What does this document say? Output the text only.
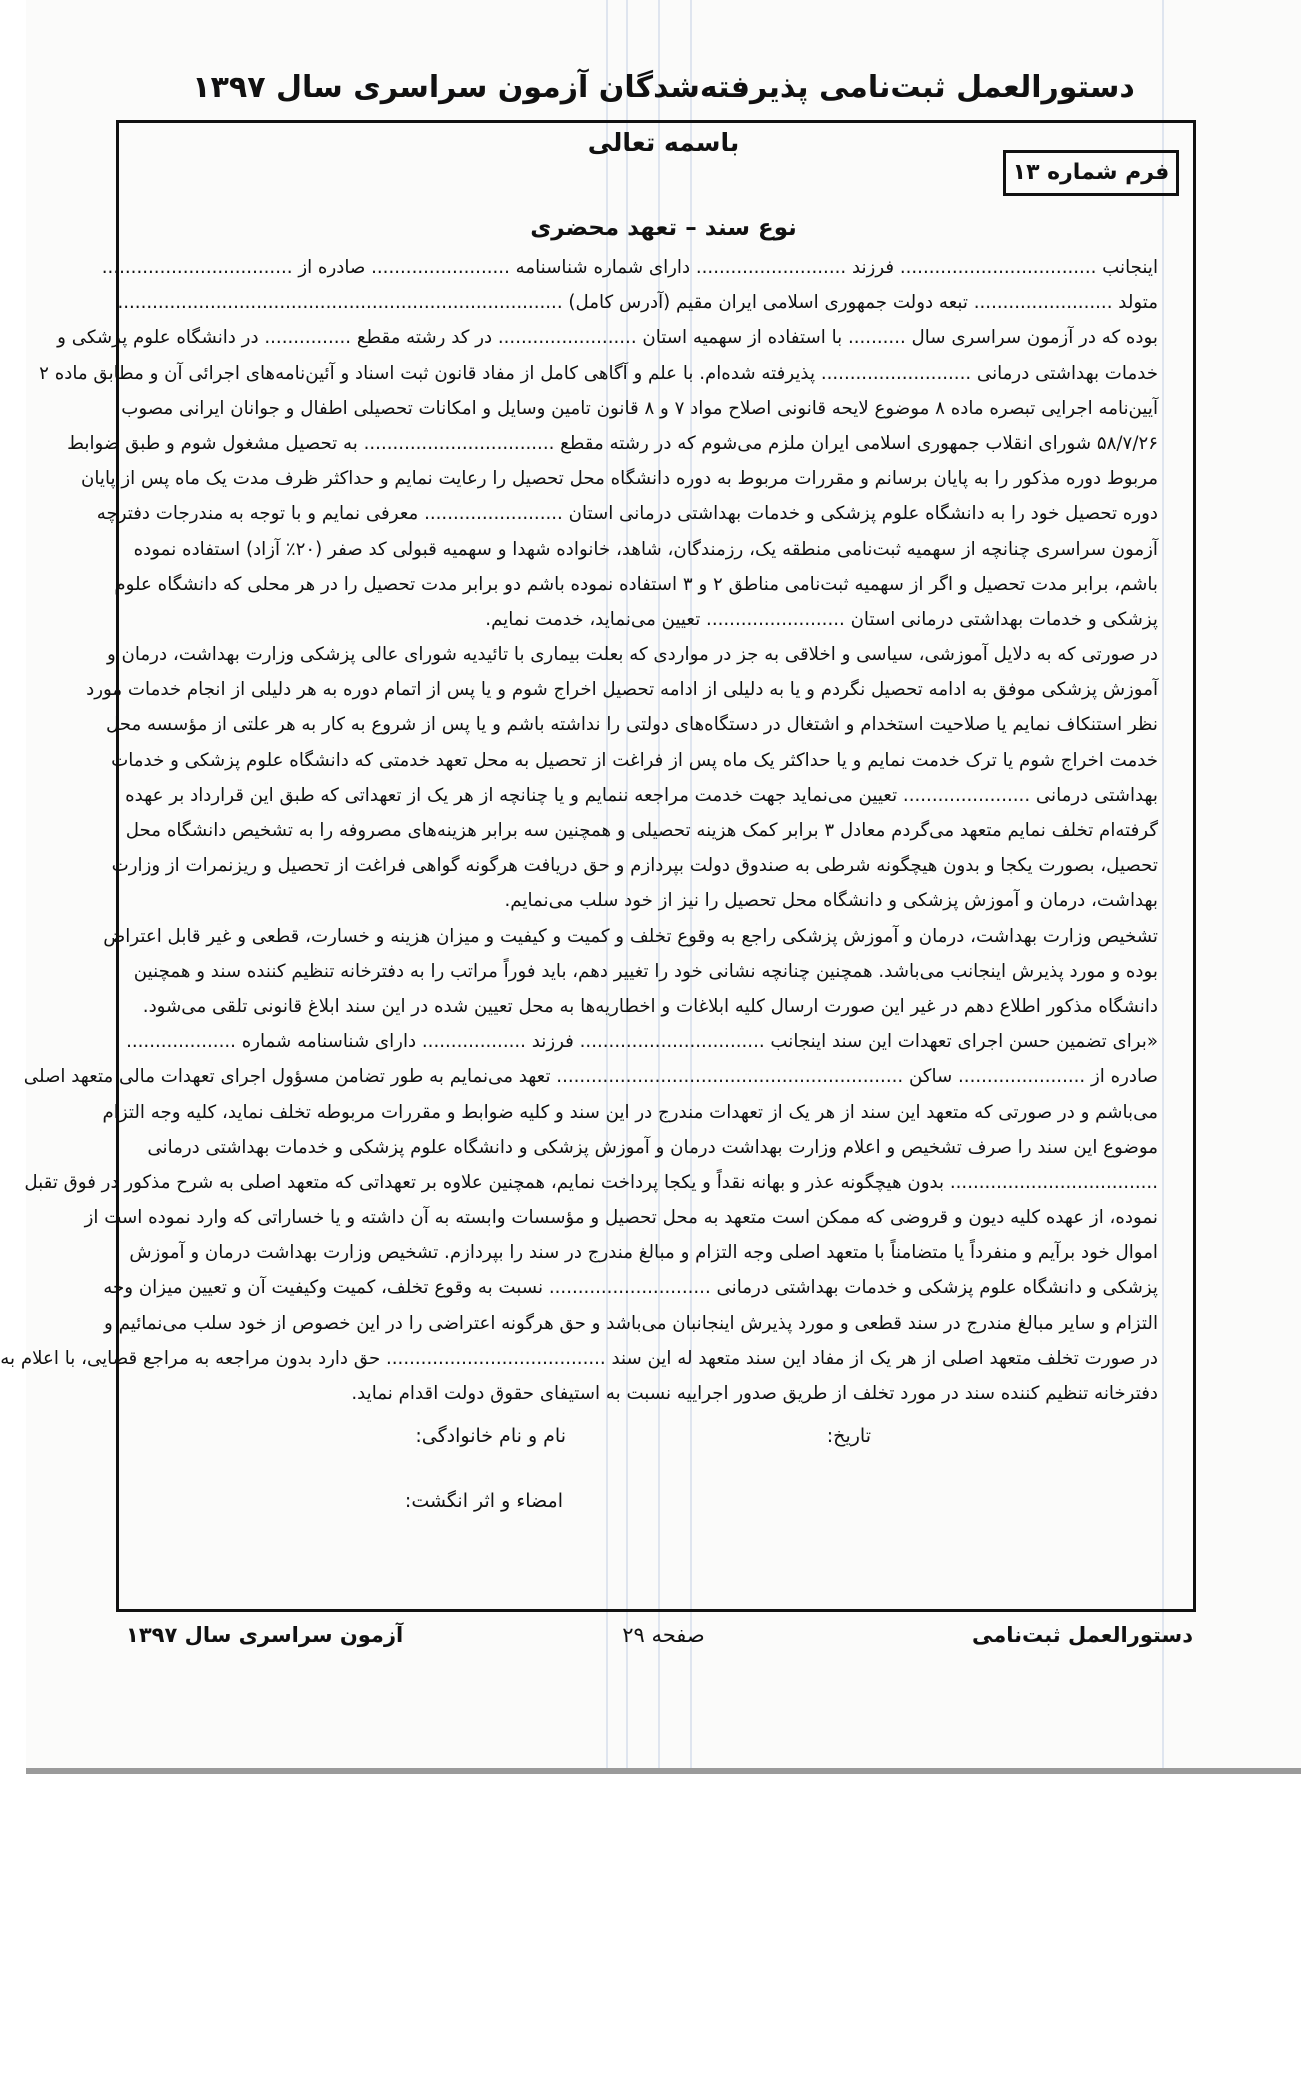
دستورالعمل ثبت‌نامی پذیرفته‌شدگان آزمون سراسری سال ۱۳۹۷
باسمه تعالی
فرم شماره ۱۳
نوع سند – تعهد محضری
اینجانب .................................. فرزند .......................... دارای شماره شناسنامه ........................ صادره از .................................
متولد ........................ تبعه دولت جمهوری اسلامی ایران مقیم (آدرس کامل) .............................................................................
بوده که در آزمون سراسری سال .......... با استفاده از سهمیه استان ........................ در کد رشته مقطع ............... در دانشگاه علوم پزشکی و
خدمات بهداشتی درمانی .......................... پذیرفته شده‌ام. با علم و آگاهی کامل از مفاد قانون ثبت اسناد و آئین‌نامه‌های اجرائی آن و مطابق ماده ۲
آیین‌نامه اجرایی تبصره ماده ۸ موضوع لایحه قانونی اصلاح مواد ۷ و ۸ قانون تامین وسایل و امکانات تحصیلی اطفال و جوانان ایرانی مصوب
۵۸/۷/۲۶ شورای انقلاب جمهوری اسلامی ایران ملزم می‌شوم که در رشته مقطع ................................. به تحصیل مشغول شوم و طبق ضوابط
مربوط دوره مذکور را به پایان برسانم و مقررات مربوط به دوره دانشگاه محل تحصیل را رعایت نمایم و حداکثر ظرف مدت یک ماه پس از پایان
دوره تحصیل خود را به دانشگاه علوم پزشکی و خدمات بهداشتی درمانی استان ........................ معرفی نمایم و با توجه به مندرجات دفترچه
آزمون سراسری چنانچه از سهمیه ثبت‌نامی منطقه یک، رزمندگان، شاهد، خانواده شهدا و سهمیه قبولی کد صفر (۲۰٪ آزاد) استفاده نموده
باشم، برابر مدت تحصیل و اگر از سهمیه ثبت‌نامی مناطق ۲ و ۳ استفاده نموده باشم دو برابر مدت تحصیل را در هر محلی که دانشگاه علوم
پزشکی و خدمات بهداشتی درمانی استان ........................ تعیین می‌نماید، خدمت نمایم.
در صورتی که به دلایل آموزشی، سیاسی و اخلاقی به جز در مواردی که بعلت بیماری با تائیدیه شورای عالی پزشکی وزارت بهداشت، درمان و
آموزش پزشکی موفق به ادامه تحصیل نگردم و یا به دلیلی از ادامه تحصیل اخراج شوم و یا پس از اتمام دوره به هر دلیلی از انجام خدمات مورد
نظر استنکاف نمایم یا صلاحیت استخدام و اشتغال در دستگاه‌های دولتی را نداشته باشم و یا پس از شروع به کار به هر علتی از مؤسسه محل
خدمت اخراج شوم یا ترک خدمت نمایم و یا حداکثر یک ماه پس از فراغت از تحصیل به محل تعهد خدمتی که دانشگاه علوم پزشکی و خدمات
بهداشتی درمانی ...................... تعیین می‌نماید جهت خدمت مراجعه ننمایم و یا چنانچه از هر یک از تعهداتی که طبق این قرارداد بر عهده
گرفته‌ام تخلف نمایم متعهد می‌گردم معادل ۳ برابر کمک هزینه تحصیلی و همچنین سه برابر هزینه‌های مصروفه را به تشخیص دانشگاه محل
تحصیل، بصورت یکجا و بدون هیچگونه شرطی به صندوق دولت بپردازم و حق دریافت هرگونه گواهی فراغت از تحصیل و ریزنمرات از وزارت
بهداشت، درمان و آموزش پزشکی و دانشگاه محل تحصیل را نیز از خود سلب می‌نمایم.
تشخیص وزارت بهداشت، درمان و آموزش پزشکی راجع به وقوع تخلف و کمیت و کیفیت و میزان هزینه و خسارت، قطعی و غیر قابل اعتراض
بوده و مورد پذیرش اینجانب می‌باشد. همچنین چنانچه نشانی خود را تغییر دهم، باید فوراً مراتب را به دفترخانه تنظیم کننده سند و همچنین
دانشگاه مذکور اطلاع دهم در غیر این صورت ارسال کلیه ابلاغات و اخطاریه‌ها به محل تعیین شده در این سند ابلاغ قانونی تلقی می‌شود.
«برای تضمین حسن اجرای تعهدات این سند اینجانب ................................ فرزند .................. دارای شناسنامه شماره ...................
صادره از ...................... ساکن ............................................................ تعهد می‌نمایم به طور تضامن مسؤول اجرای تعهدات مالی متعهد اصلی
می‌باشم و در صورتی که متعهد این سند از هر یک از تعهدات مندرج در این سند و کلیه ضوابط و مقررات مربوطه تخلف نماید، کلیه وجه التزام
موضوع این سند را صرف تشخیص و اعلام وزارت بهداشت درمان و آموزش پزشکی و دانشگاه علوم پزشکی و خدمات بهداشتی درمانی
.................................... بدون هیچگونه عذر و بهانه نقداً و یکجا پرداخت نمایم، همچنین علاوه بر تعهداتی که متعهد اصلی به شرح مذکور در فوق تقبل
نموده، از عهده کلیه دیون و قروضی که ممکن است متعهد به محل تحصیل و مؤسسات وابسته به آن داشته و یا خساراتی که وارد نموده است از
اموال خود برآیم و منفرداً یا متضامناً با متعهد اصلی وجه التزام و مبالغ مندرج در سند را بپردازم. تشخیص وزارت بهداشت درمان و آموزش
پزشکی و دانشگاه علوم پزشکی و خدمات بهداشتی درمانی ............................ نسبت به وقوع تخلف، کمیت وکیفیت آن و تعیین میزان وجه
التزام و سایر مبالغ مندرج در سند قطعی و مورد پذیرش اینجانبان می‌باشد و حق هرگونه اعتراضی را در این خصوص از خود سلب می‌نمائیم و
در صورت تخلف متعهد اصلی از هر یک از مفاد این سند متعهد له این سند ...................................... حق دارد بدون مراجعه به مراجع قضایی، با اعلام به
دفترخانه تنظیم کننده سند در مورد تخلف از طریق صدور اجراییه نسبت به استیفای حقوق دولت اقدام نماید.
تاریخ:
نام و نام خانوادگی:
امضاء و اثر انگشت:
دستورالعمل ثبت‌نامی
صفحه ۲۹
آزمون سراسری سال ۱۳۹۷
